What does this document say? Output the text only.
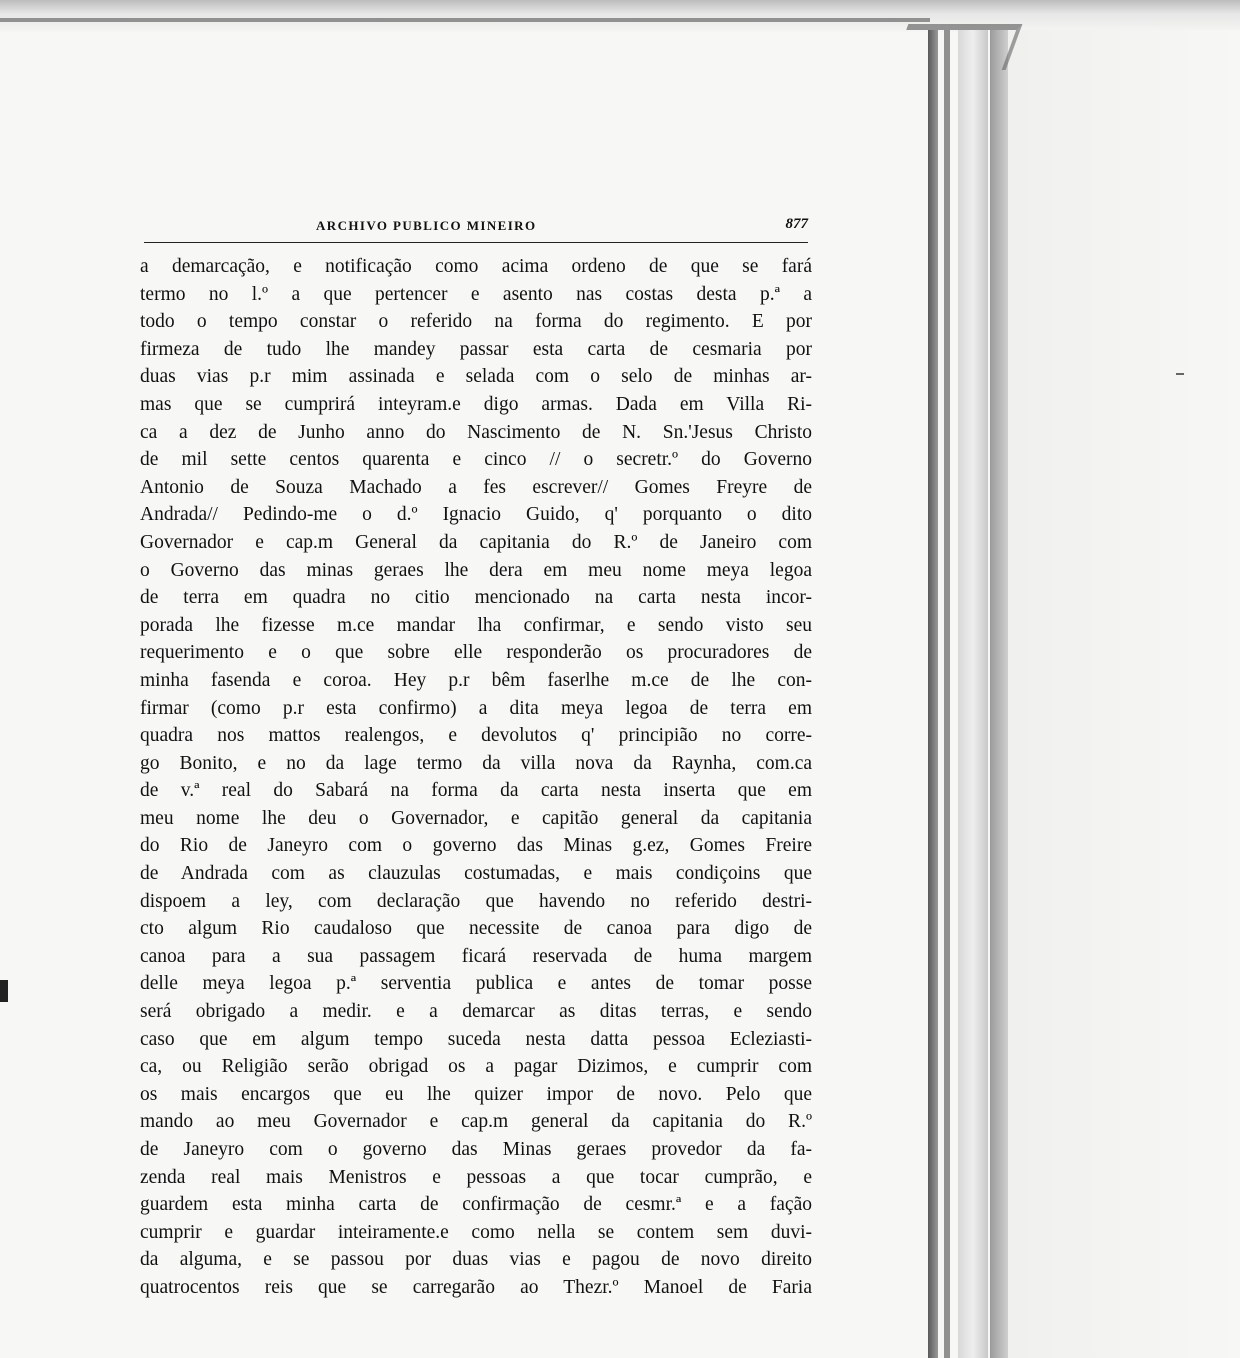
ARCHIVO PUBLICO MINEIRO	877
a demarcação, e notificação como acima ordeno de que se fará
termo no l.º a que pertencer e asento nas costas desta p.ª a
todo o tempo constar o referido na forma do regimento. E por
firmeza de tudo lhe mandey passar esta carta de cesmaria por
duas vias p.r mim assinada e selada com o selo de minhas ar-
mas que se cumprirá inteyram.e digo armas. Dada em Villa Ri-
ca a dez de Junho anno do Nascimento de N. Sn.'Jesus Christo
de mil sette centos quarenta e cinco // o secretr.º do Governo
Antonio de Souza Machado a fes escrever// Gomes Freyre de
Andrada// Pedindo-me o d.º Ignacio Guido, q' porquanto o dito
Governador e cap.m General da capitania do R.º de Janeiro com
o Governo das minas geraes lhe dera em meu nome meya legoa
de terra em quadra no citio mencionado na carta nesta incor-
porada lhe fizesse m.ce mandar lha confirmar, e sendo visto seu
requerimento e o que sobre elle responderão os procuradores de
minha fasenda e coroa. Hey p.r bêm faserlhe m.ce de lhe con-
firmar (como p.r esta confirmo) a dita meya legoa de terra em
quadra nos mattos realengos, e devolutos q' principião no corre-
go Bonito, e no da lage termo da villa nova da Raynha, com.ca
de v.ª real do Sabará na forma da carta nesta inserta que em
meu nome lhe deu o Governador, e capitão general da capitania
do Rio de Janeyro com o governo das Minas g.ez, Gomes Freire
de Andrada com as clauzulas costumadas, e mais condiçoins que
dispoem a ley, com declaração que havendo no referido destri-
cto algum Rio caudaloso que necessite de canoa para digo de
canoa para a sua passagem ficará reservada de huma margem
delle meya legoa p.ª serventia publica e antes de tomar posse
será obrigado a medir. e a demarcar as ditas terras, e sendo
caso que em algum tempo suceda nesta datta pessoa Ecleziasti-
ca, ou Religião serão obrigad os a pagar Dizimos, e cumprir com
os mais encargos que eu lhe quizer impor de novo. Pelo que
mando ao meu Governador e cap.m general da capitania do R.º
de Janeyro com o governo das Minas geraes provedor da fa-
zenda real mais Menistros e pessoas a que tocar cumprão, e
guardem esta minha carta de confirmação de cesmr.ª e a fação
cumprir e guardar inteiramente.e como nella se contem sem duvi-
da alguma, e se passou por duas vias e pagou de novo direito
quatrocentos reis que se carregarão ao Thezr.º Manoel de Faria
